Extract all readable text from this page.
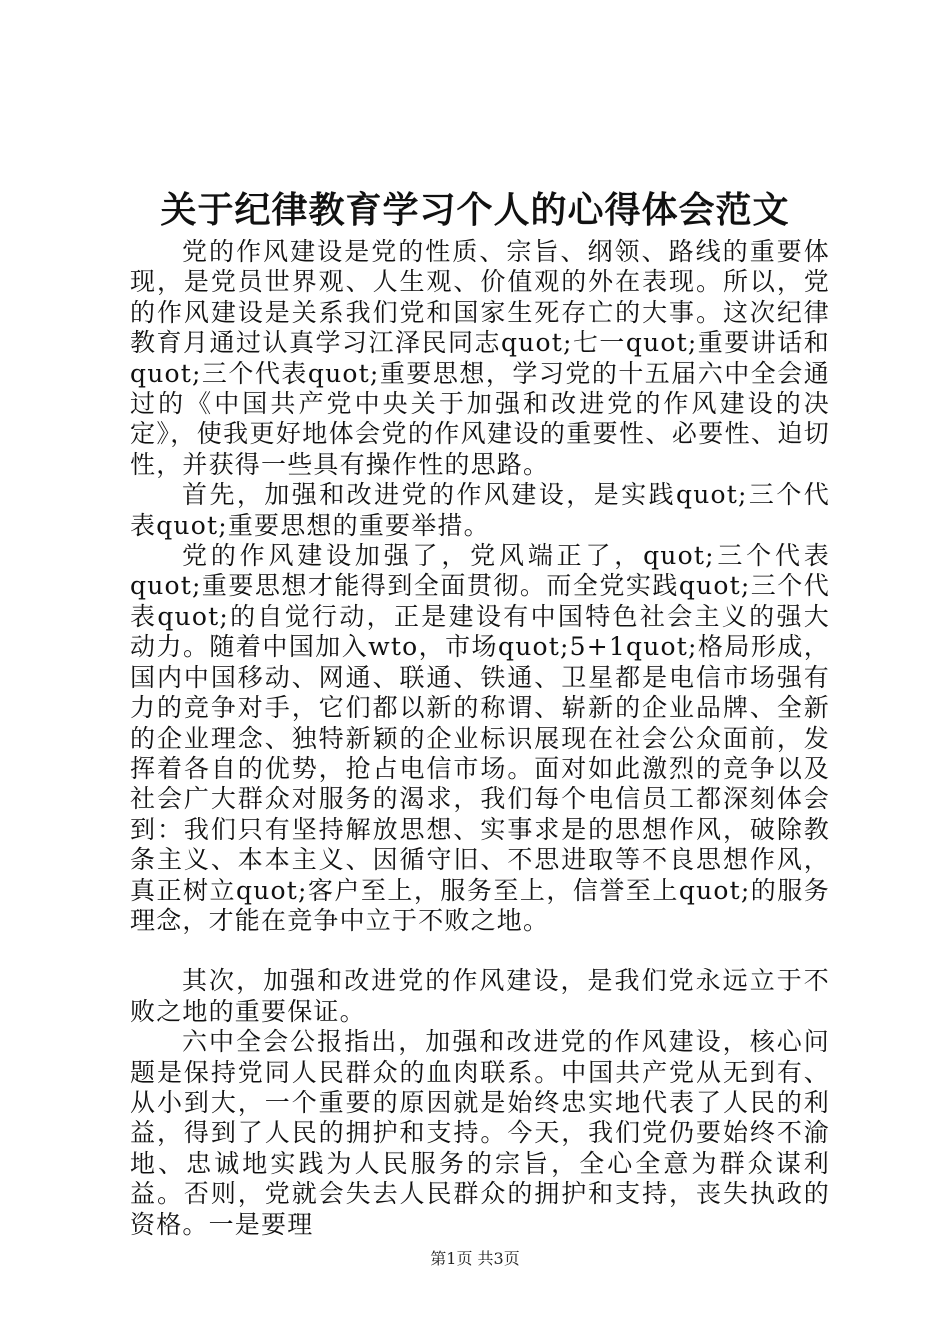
关于纪律教育学习个人的心得体会范文

党的作风建设是党的性质、宗旨、纲领、路线的重要体现，是党员世界观、人生观、价值观的外在表现。所以，党的作风建设是关系我们党和国家生死存亡的大事。这次纪律教育月通过认真学习江泽民同志quot;七一quot;重要讲话和quot;三个代表quot;重要思想，学习党的十五届六中全会通过的《中国共产党中央关于加强和改进党的作风建设的决定》，使我更好地体会党的作风建设的重要性、必要性、迫切性，并获得一些具有操作性的思路。

首先，加强和改进党的作风建设，是实践quot;三个代表quot;重要思想的重要举措。

党的作风建设加强了，党风端正了，quot;三个代表quot;重要思想才能得到全面贯彻。而全党实践quot;三个代表quot;的自觉行动，正是建设有中国特色社会主义的强大动力。随着中国加入wto，市场quot;5+1quot;格局形成，国内中国移动、网通、联通、铁通、卫星都是电信市场强有力的竞争对手，它们都以新的称谓、崭新的企业品牌、全新的企业理念、独特新颖的企业标识展现在社会公众面前，发挥着各自的优势，抢占电信市场。面对如此激烈的竞争以及社会广大群众对服务的渴求，我们每个电信员工都深刻体会到：我们只有坚持解放思想、实事求是的思想作风，破除教条主义、本本主义、因循守旧、不思进取等不良思想作风，真正树立quot;客户至上，服务至上，信誉至上quot;的服务理念，才能在竞争中立于不败之地。

其次，加强和改进党的作风建设，是我们党永远立于不败之地的重要保证。

六中全会公报指出，加强和改进党的作风建设，核心问题是保持党同人民群众的血肉联系。中国共产党从无到有、从小到大，一个重要的原因就是始终忠实地代表了人民的利益，得到了人民的拥护和支持。今天，我们党仍要始终不渝地、忠诚地实践为人民服务的宗旨，全心全意为群众谋利益。否则，党就会失去人民群众的拥护和支持，丧失执政的资格。一是要理

第1页 共3页
